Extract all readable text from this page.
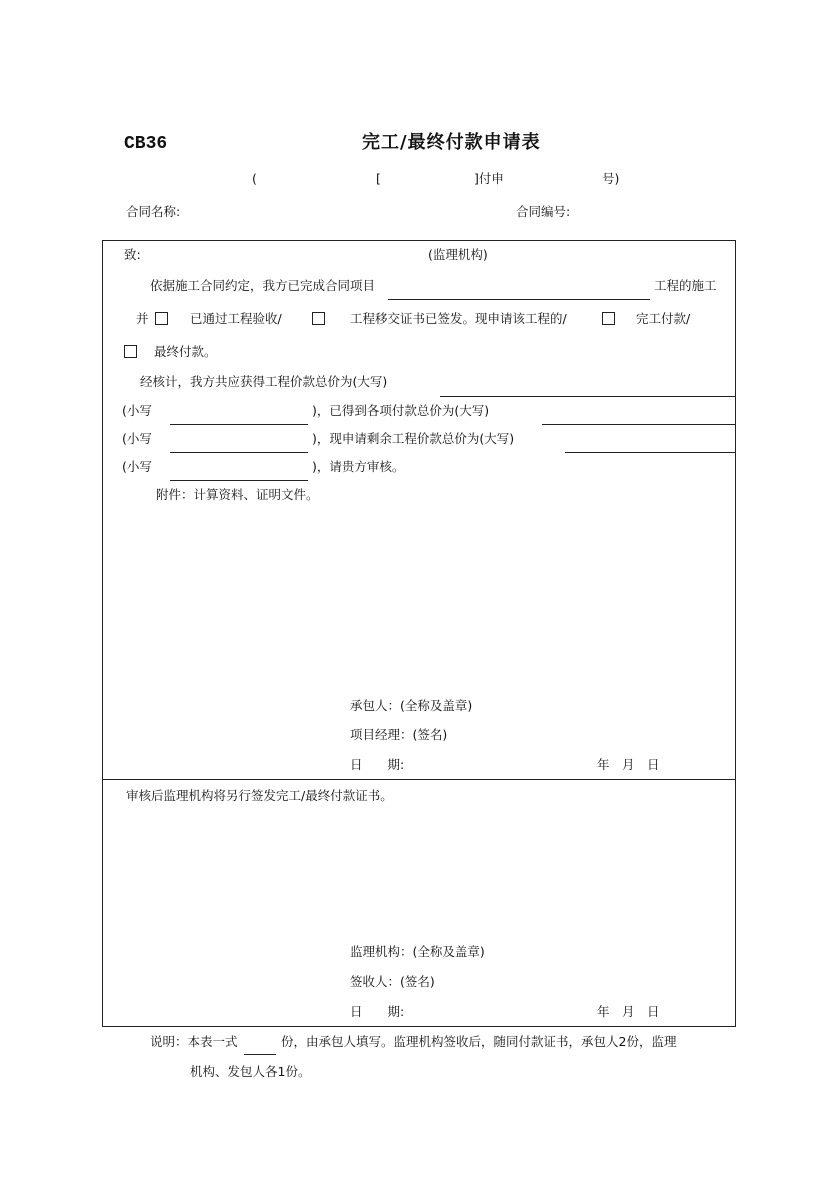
CB36	完工/最终付款申请表
(	[	]付申	号)
合同名称:	合同编号:
致:	(监理机构)
依据施工合同约定，我方已完成合同项目	工程的施工
并	已通过工程验收/	工程移交证书已签发。现申请该工程的/	完工付款/
最终付款。
经核计，我方共应获得工程价款总价为(大写)
(小写	)，已得到各项付款总价为(大写)
(小写	)，现申请剩余工程价款总价为(大写)
(小写	)，请贵方审核。
附件：计算资料、证明文件。
承包人：(全称及盖章)
项目经理：(签名)
日　　期:	年　月　日
审核后监理机构将另行签发完工/最终付款证书。
监理机构：(全称及盖章)
签收人：(签名)
日　　期:	年　月　日
说明：本表一式	份，由承包人填写。监理机构签收后，随同付款证书，承包人2份，监理
机构、发包人各1份。
